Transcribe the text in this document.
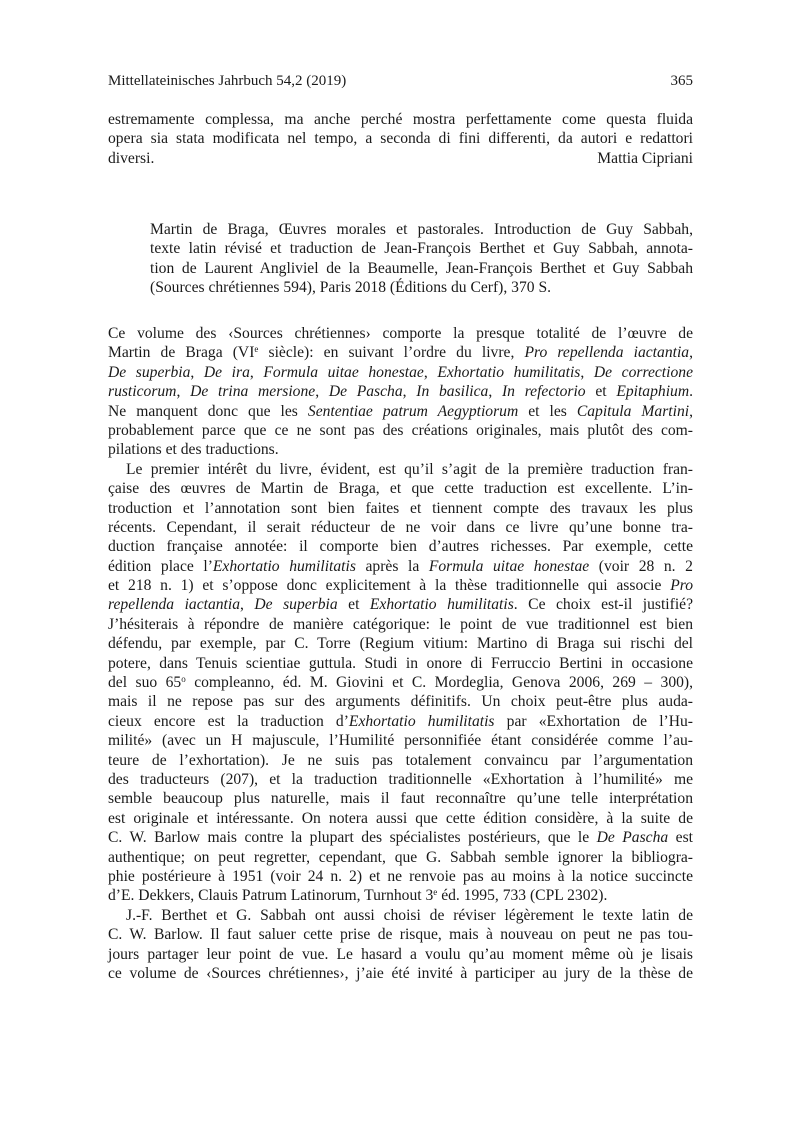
Mittellateinisches Jahrbuch 54,2 (2019)	365
estremamente complessa, ma anche perché mostra perfettamente come questa fluida
opera sia stata modificata nel tempo, a seconda di fini differenti, da autori e redattori
diversi.	Mattia Cipriani
Martin de Braga, Œuvres morales et pastorales. Introduction de Guy Sabbah,
texte latin révisé et traduction de Jean-François Berthet et Guy Sabbah, annota-
tion de Laurent Angliviel de la Beaumelle, Jean-François Berthet et Guy Sabbah
(Sources chrétiennes 594), Paris 2018 (Éditions du Cerf), 370 S.
Ce volume des ‹Sources chrétiennes› comporte la presque totalité de l’œuvre de
Martin de Braga (VIe siècle): en suivant l’ordre du livre, Pro repellenda iactantia,
De superbia, De ira, Formula uitae honestae, Exhortatio humilitatis, De correctione
rusticorum, De trina mersione, De Pascha, In basilica, In refectorio et Epitaphium.
Ne manquent donc que les Sententiae patrum Aegyptiorum et les Capitula Martini,
probablement parce que ce ne sont pas des créations originales, mais plutôt des com-
pilations et des traductions.
Le premier intérêt du livre, évident, est qu’il s’agit de la première traduction fran-
çaise des œuvres de Martin de Braga, et que cette traduction est excellente. L’in-
troduction et l’annotation sont bien faites et tiennent compte des travaux les plus
récents. Cependant, il serait réducteur de ne voir dans ce livre qu’une bonne tra-
duction française annotée: il comporte bien d’autres richesses. Par exemple, cette
édition place l’Exhortatio humilitatis après la Formula uitae honestae (voir 28 n. 2
et 218 n. 1) et s’oppose donc explicitement à la thèse traditionnelle qui associe Pro
repellenda iactantia, De superbia et Exhortatio humilitatis. Ce choix est-il justifié?
J’hésiterais à répondre de manière catégorique: le point de vue traditionnel est bien
défendu, par exemple, par C. Torre (Regium vitium: Martino di Braga sui rischi del
potere, dans Tenuis scientiae guttula. Studi in onore di Ferruccio Bertini in occasione
del suo 65$^o$ compleanno, éd. M. Giovini et C. Mordeglia, Genova 2006, 269 – 300),
mais il ne repose pas sur des arguments définitifs. Un choix peut-être plus auda-
cieux encore est la traduction d’Exhortatio humilitatis par «Exhortation de l’Hu-
milité» (avec un H majuscule, l’Humilité personnifiée étant considérée comme l’au-
teure de l’exhortation). Je ne suis pas totalement convaincu par l’argumentation
des traducteurs (207), et la traduction traditionnelle «Exhortation à l’humilité» me
semble beaucoup plus naturelle, mais il faut reconnaître qu’une telle interprétation
est originale et intéressante. On notera aussi que cette édition considère, à la suite de
C. W. Barlow mais contre la plupart des spécialistes postérieurs, que le De Pascha est
authentique; on peut regretter, cependant, que G. Sabbah semble ignorer la bibliogra-
phie postérieure à 1951 (voir 24 n. 2) et ne renvoie pas au moins à la notice succincte
d’E. Dekkers, Clauis Patrum Latinorum, Turnhout 3e éd. 1995, 733 (CPL 2302).
J.-F. Berthet et G. Sabbah ont aussi choisi de réviser légèrement le texte latin de
C. W. Barlow. Il faut saluer cette prise de risque, mais à nouveau on peut ne pas tou-
jours partager leur point de vue. Le hasard a voulu qu’au moment même où je lisais
ce volume de ‹Sources chrétiennes›, j’aie été invité à participer au jury de la thèse de
